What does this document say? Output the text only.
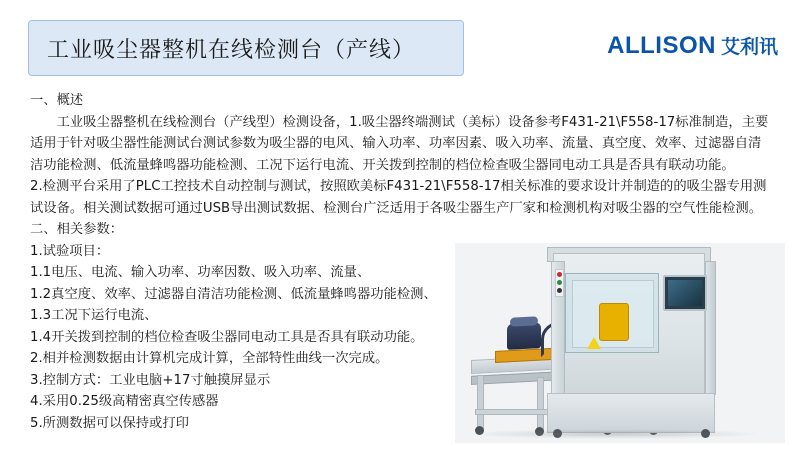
工业吸尘器整机在线检测台（产线）	ALLISON 艾利讯

一、概述

工业吸尘器整机在线检测台（产线型）检测设备，1.吸尘器终端测试（美标）设备参考F431-21\F558-17标准制造，主要适用于针对吸尘器性能测试台测试参数为吸尘器的电风、输入功率、功率因素、吸入功率、流量、真空度、效率、过滤器自清洁功能检测、低流量蜂鸣器功能检测、工况下运行电流、开关拨到控制的档位检查吸尘器同电动工具是否具有联动功能。

2.检测平台采用了PLC工控技术自动控制与测试，按照欧美标F431-21\F558-17相关标准的要求设计并制造的的吸尘器专用测试设备。相关测试数据可通过USB导出测试数据、检测台广泛适用于各吸尘器生产厂家和检测机构对吸尘器的空气性能检测。

二、相关参数：

1.试验项目：

1.1电压、电流、输入功率、功率因数、吸入功率、流量、

1.2真空度、效率、过滤器自清洁功能检测、低流量蜂鸣器功能检测、

1.3工况下运行电流、

1.4开关拨到控制的档位检查吸尘器同电动工具是否具有联动功能。

2.相并检测数据由计算机完成计算，全部特性曲线一次完成。

3.控制方式：工业电脑+17寸触摸屏显示

4.采用0.25级高精密真空传感器

5.所测数据可以保持或打印
